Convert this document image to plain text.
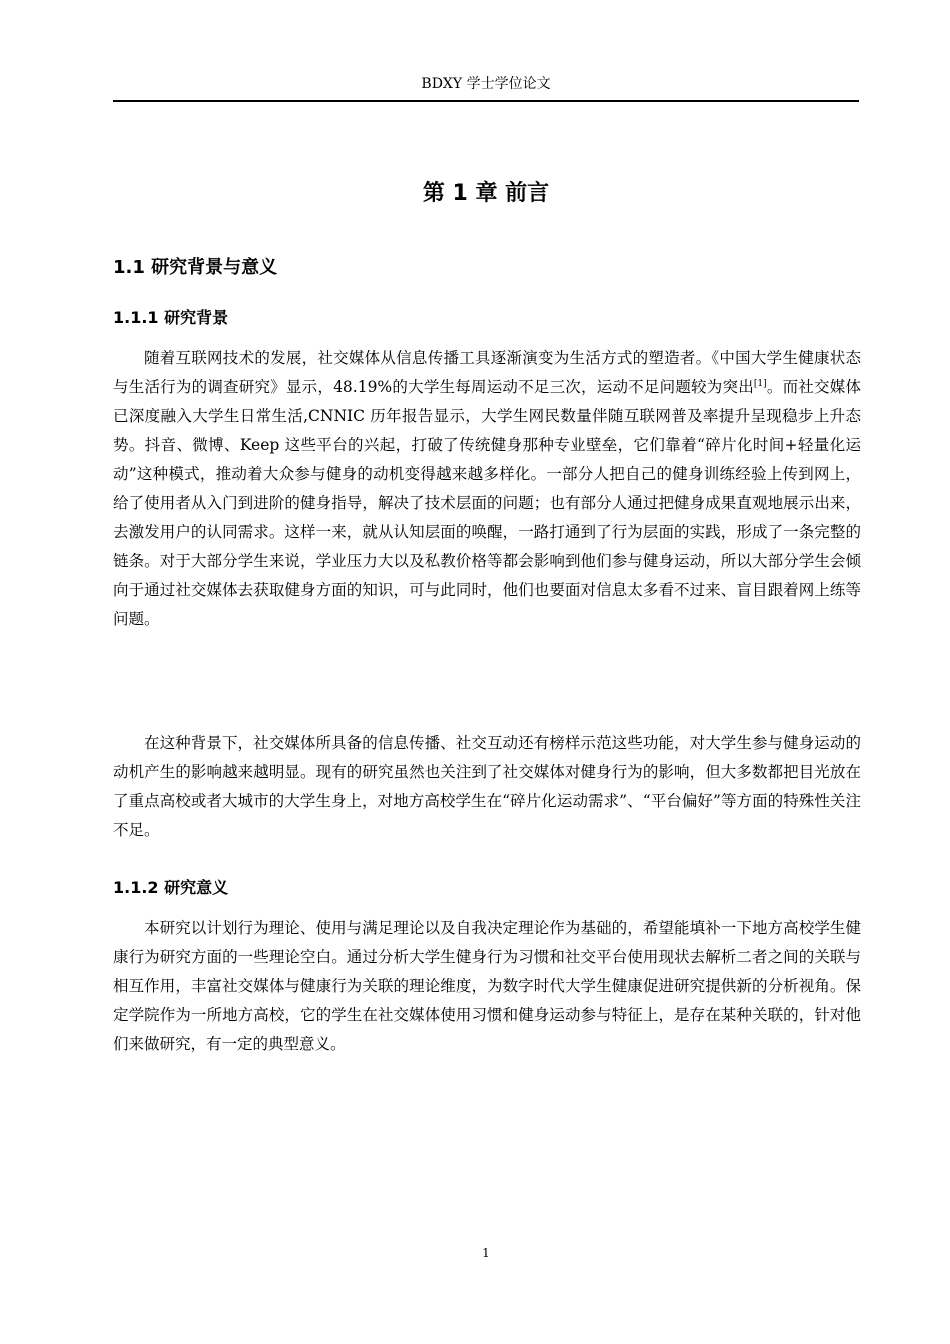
BDXY 学士学位论文
第 1 章 前言
1.1 研究背景与意义
1.1.1 研究背景

随着互联网技术的发展，社交媒体从信息传播工具逐渐演变为生活方式的塑造者。《中国大学生健康状态与生活行为的调查研究》显示，48.19%的大学生每周运动不足三次，运动不足问题较为突出[1]。而社交媒体已深度融入大学生日常生活,CNNIC 历年报告显示，大学生网民数量伴随互联网普及率提升呈现稳步上升态势。抖音、微博、Keep 这些平台的兴起，打破了传统健身那种专业壁垒，它们靠着“碎片化时间+轻量化运动”这种模式，推动着大众参与健身的动机变得越来越多样化。一部分人把自己的健身训练经验上传到网上，给了使用者从入门到进阶的健身指导，解决了技术层面的问题；也有部分人通过把健身成果直观地展示出来，去激发用户的认同需求。这样一来，就从认知层面的唤醒，一路打通到了行为层面的实践，形成了一条完整的链条。对于大部分学生来说，学业压力大以及私教价格等都会影响到他们参与健身运动，所以大部分学生会倾向于通过社交媒体去获取健身方面的知识，可与此同时，他们也要面对信息太多看不过来、盲目跟着网上练等问题。

在这种背景下，社交媒体所具备的信息传播、社交互动还有榜样示范这些功能，对大学生参与健身运动的动机产生的影响越来越明显。现有的研究虽然也关注到了社交媒体对健身行为的影响，但大多数都把目光放在了重点高校或者大城市的大学生身上，对地方高校学生在“碎片化运动需求”、“平台偏好”等方面的特殊性关注不足。

1.1.2 研究意义

本研究以计划行为理论、使用与满足理论以及自我决定理论作为基础的，希望能填补一下地方高校学生健康行为研究方面的一些理论空白。通过分析大学生健身行为习惯和社交平台使用现状去解析二者之间的关联与相互作用，丰富社交媒体与健康行为关联的理论维度，为数字时代大学生健康促进研究提供新的分析视角。保定学院作为一所地方高校，它的学生在社交媒体使用习惯和健身运动参与特征上，是存在某种关联的，针对他们来做研究，有一定的典型意义。

1
